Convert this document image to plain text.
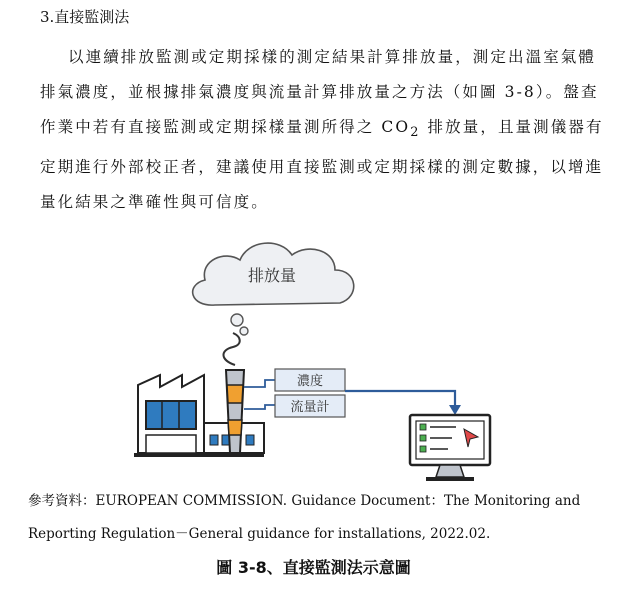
3.直接監測法

以連續排放監測或定期採樣的測定結果計算排放量，測定出溫室氣體排氣濃度，並根據排氣濃度與流量計算排放量之方法（如圖 3-8）。盤查作業中若有直接監測或定期採樣量測所得之 $CO_2$ 排放量，且量測儀器有定期進行外部校正者，建議使用直接監測或定期採樣的測定數據，以增進量化結果之準確性與可信度。

排放量
濃度
流量計

參考資料：EUROPEAN COMMISSION. Guidance Document：The Monitoring and Reporting Regulation－General guidance for installations, 2022.02.

圖 3-8、直接監測法示意圖
